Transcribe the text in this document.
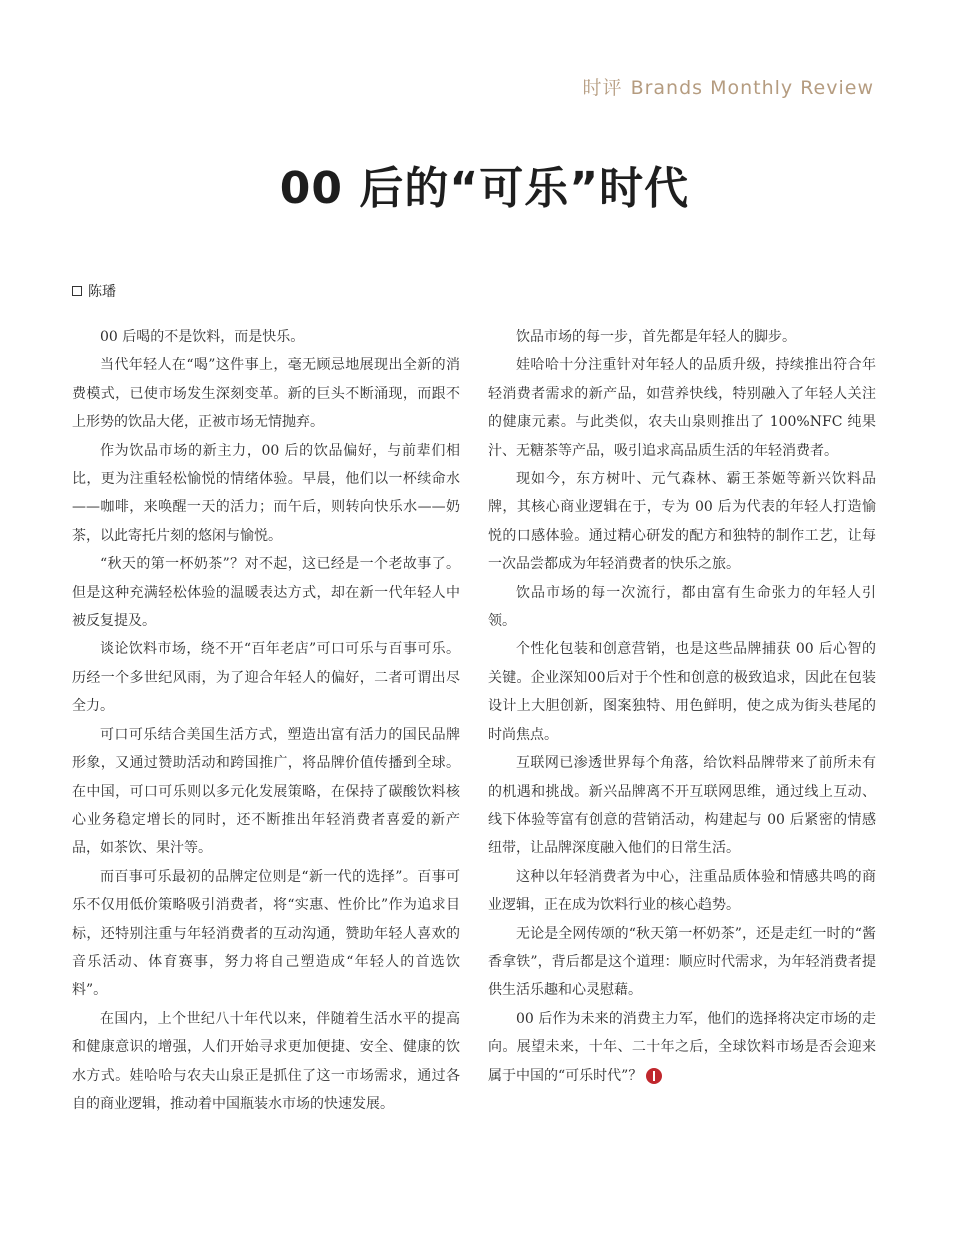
时评 Brands Monthly Review
00 后的“可乐”时代
陈璠

00 后喝的不是饮料，而是快乐。

当代年轻人在“喝”这件事上，毫无顾忌地展现出全新的消费模式，已使市场发生深刻变革。新的巨头不断涌现，而跟不上形势的饮品大佬，正被市场无情抛弃。

作为饮品市场的新主力，00 后的饮品偏好，与前辈们相比，更为注重轻松愉悦的情绪体验。早晨，他们以一杯续命水——咖啡，来唤醒一天的活力；而午后，则转向快乐水——奶茶，以此寄托片刻的悠闲与愉悦。

“秋天的第一杯奶茶”？对不起，这已经是一个老故事了。但是这种充满轻松体验的温暖表达方式，却在新一代年轻人中被反复提及。

谈论饮料市场，绕不开“百年老店”可口可乐与百事可乐。历经一个多世纪风雨，为了迎合年轻人的偏好，二者可谓出尽全力。

可口可乐结合美国生活方式，塑造出富有活力的国民品牌形象，又通过赞助活动和跨国推广，将品牌价值传播到全球。在中国，可口可乐则以多元化发展策略，在保持了碳酸饮料核心业务稳定增长的同时，还不断推出年轻消费者喜爱的新产品，如茶饮、果汁等。

而百事可乐最初的品牌定位则是“新一代的选择”。百事可乐不仅用低价策略吸引消费者，将“实惠、性价比”作为追求目标，还特别注重与年轻消费者的互动沟通，赞助年轻人喜欢的音乐活动、体育赛事，努力将自己塑造成“年轻人的首选饮料”。

在国内，上个世纪八十年代以来，伴随着生活水平的提高和健康意识的增强，人们开始寻求更加便捷、安全、健康的饮水方式。娃哈哈与农夫山泉正是抓住了这一市场需求，通过各自的商业逻辑，推动着中国瓶装水市场的快速发展。

饮品市场的每一步，首先都是年轻人的脚步。

娃哈哈十分注重针对年轻人的品质升级，持续推出符合年轻消费者需求的新产品，如营养快线，特别融入了年轻人关注的健康元素。与此类似，农夫山泉则推出了 100%NFC 纯果汁、无糖茶等产品，吸引追求高品质生活的年轻消费者。

现如今，东方树叶、元气森林、霸王茶姬等新兴饮料品牌，其核心商业逻辑在于，专为 00 后为代表的年轻人打造愉悦的口感体验。通过精心研发的配方和独特的制作工艺，让每一次品尝都成为年轻消费者的快乐之旅。

饮品市场的每一次流行，都由富有生命张力的年轻人引领。

个性化包装和创意营销，也是这些品牌捕获 00 后心智的关键。企业深知00后对于个性和创意的极致追求，因此在包装设计上大胆创新，图案独特、用色鲜明，使之成为街头巷尾的时尚焦点。

互联网已渗透世界每个角落，给饮料品牌带来了前所未有的机遇和挑战。新兴品牌离不开互联网思维，通过线上互动、线下体验等富有创意的营销活动，构建起与 00 后紧密的情感纽带，让品牌深度融入他们的日常生活。

这种以年轻消费者为中心，注重品质体验和情感共鸣的商业逻辑，正在成为饮料行业的核心趋势。

无论是全网传颂的“秋天第一杯奶茶”，还是走红一时的“酱香拿铁”，背后都是这个道理：顺应时代需求，为年轻消费者提供生活乐趣和心灵慰藉。

00 后作为未来的消费主力军，他们的选择将决定市场的走向。展望未来，十年、二十年之后，全球饮料市场是否会迎来属于中国的“可乐时代”？
